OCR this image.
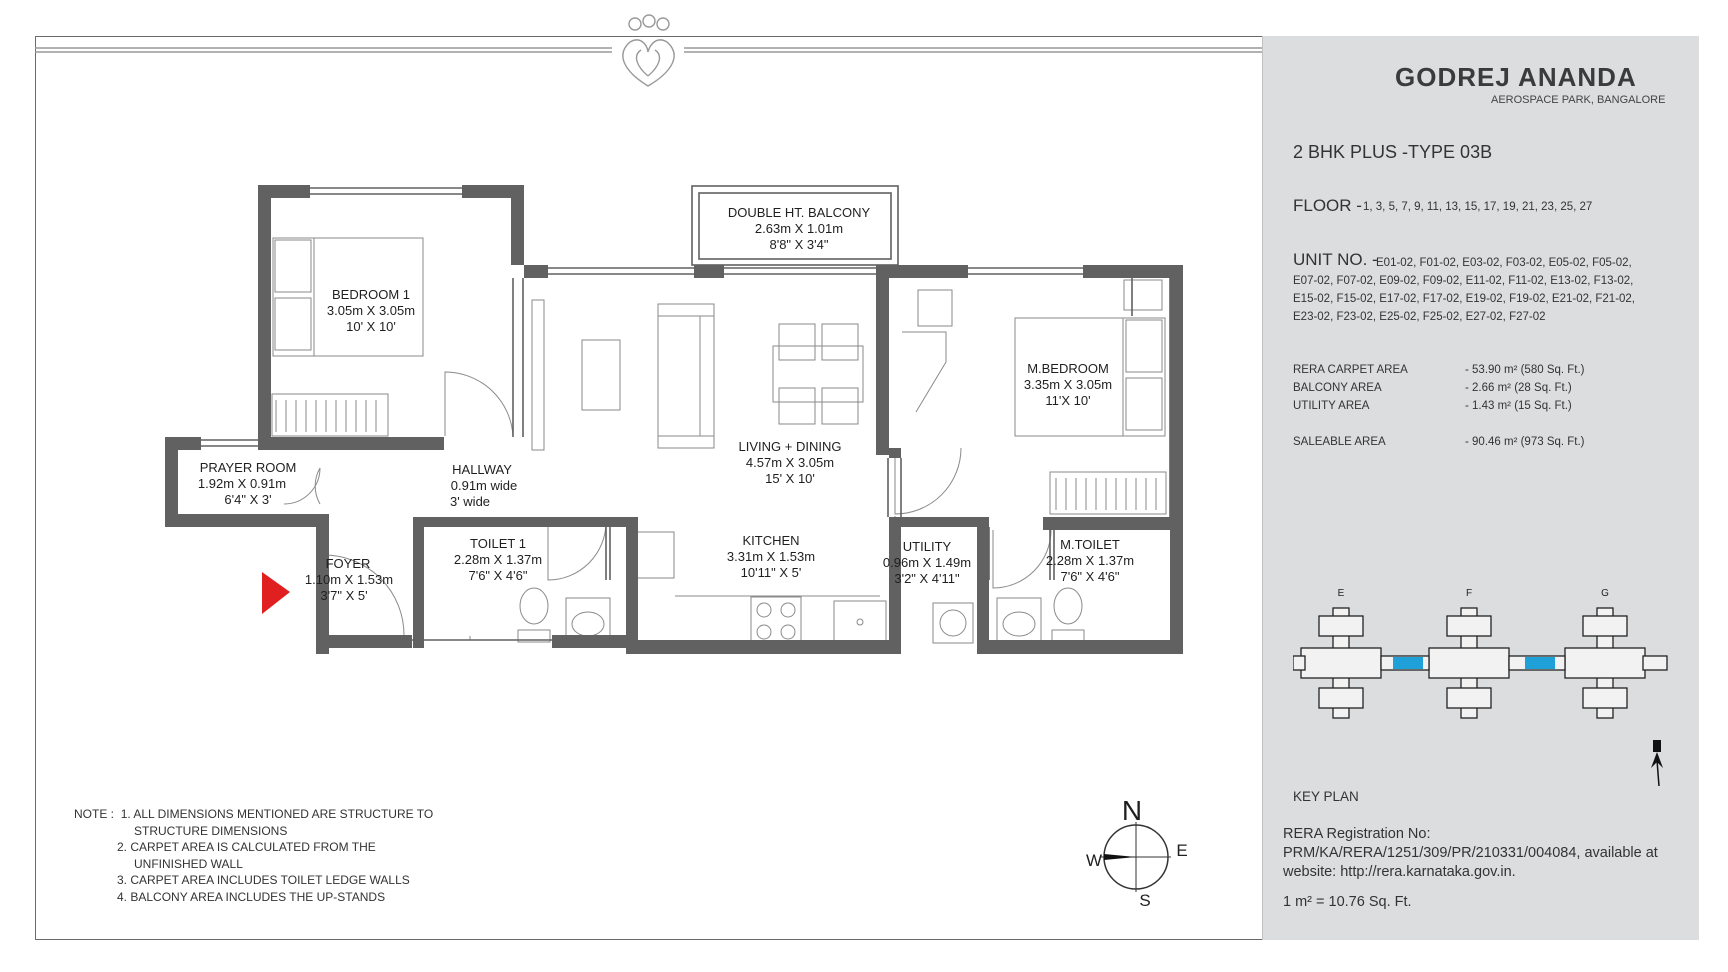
BEDROOM 1
3.05m X 3.05m
10' X 10'
PRAYER ROOM
1.92m X 0.91m
6'4" X 3'
HALLWAY
0.91m wide
3' wide
FOYER
1.10m X 1.53m
3'7" X 5'
DOUBLE HT. BALCONY
2.63m X 1.01m
8'8" X 3'4"
LIVING + DINING
4.57m X 3.05m
15' X 10'
KITCHEN
3.31m X 1.53m
10'11" X 5'
TOILET 1
2.28m X 1.37m
7'6" X 4'6"
UTILITY
0.96m X 1.49m
3'2" X 4'11"
M.BEDROOM
3.35m X 3.05m
11'X 10'
M.TOILET
2.28m X 1.37m
7'6" X 4'6"
N
E
S
W
GODREJ ANANDA
AEROSPACE PARK, BANGALORE
2 BHK PLUS -TYPE 03B
FLOOR - 1, 3, 5, 7, 9, 11, 13, 15, 17, 19, 21, 23, 25, 27
UNIT NO. -
E01-02, F01-02, E03-02, F03-02, E05-02, F05-02,
E07-02, F07-02, E09-02, F09-02, E11-02, F11-02, E13-02, F13-02,
E15-02, F15-02, E17-02, F17-02, E19-02, F19-02, E21-02, F21-02,
E23-02, F23-02, E25-02, F25-02, E27-02, F27-02
RERA CARPET AREA	- 53.90 m² (580 Sq. Ft.)
BALCONY AREA	- 2.66 m² (28 Sq. Ft.)
UTILITY AREA	- 1.43 m² (15 Sq. Ft.)
SALEABLE AREA	- 90.46 m² (973 Sq. Ft.)
E	F	G
KEY PLAN
RERA Registration No:
PRM/KA/RERA/1251/309/PR/210331/004084, available at
website: http://rera.karnataka.gov.in.
1 m² = 10.76 Sq. Ft.
NOTE : 1. ALL DIMENSIONS MENTIONED ARE STRUCTURE TO
STRUCTURE DIMENSIONS
2. CARPET AREA IS CALCULATED FROM THE
UNFINISHED WALL
3. CARPET AREA INCLUDES TOILET LEDGE WALLS
4. BALCONY AREA INCLUDES THE UP-STANDS
